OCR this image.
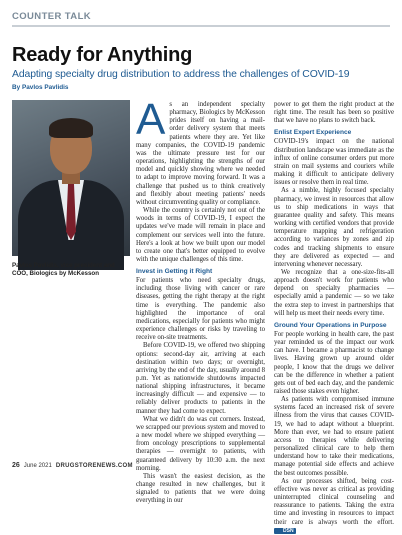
COUNTER TALK
Ready for Anything
Adapting specialty drug distribution to address the challenges of COVID-19
By Pavlos Pavlidis
Pavlos Pavlidis, vice president and COO, Biologics by McKesson

As an independent specialty pharmacy, Biologics by McKesson prides itself on having a mail-order delivery system that meets patients where they are. Yet like many companies, the COVID-19 pandemic was the ultimate pressure test for our operations, highlighting the strengths of our model and quickly showing where we needed to adapt to improve moving forward. It was a challenge that pushed us to think creatively and flexibly about meeting patients' needs without circumventing quality or compliance.

While the country is certainly not out of the woods in terms of COVID-19, I expect the updates we've made will remain in place and complement our services well into the future. Here's a look at how we built upon our model to create one that's better equipped to evolve with the unique challenges of this time.

Invest in Getting it Right

For patients who need specialty drugs, including those living with cancer or rare diseases, getting the right therapy at the right time is everything. The pandemic also highlighted the importance of oral medications, especially for patients who might experience challenges or risks by traveling to receive on-site treatments.

Before COVID-19, we offered two shipping options: second-day air, arriving at each destination within two days; or overnight, arriving by the end of the day, usually around 8 p.m. Yet as nationwide shutdowns impacted national shipping infrastructures, it became increasingly difficult — and expensive — to reliably deliver products to patients in the manner they had come to expect.

What we didn't do was cut corners. Instead, we scrapped our previous system and moved to a new model where we shipped everything — from oncology prescriptions to supplemental therapies — overnight to patients, with guaranteed delivery by 10:30 a.m. the next morning.

This wasn't the easiest decision, as the change resulted in new challenges, but it signaled to patients that we were doing everything in our

power to get them the right product at the right time. The result has been so positive that we have no plans to switch back.

Enlist Expert Experience

COVID-19's impact on the national distribution landscape was immediate as the influx of online consumer orders put more strain on mail systems and couriers while making it difficult to anticipate delivery issues or resolve them in real time.

As a nimble, highly focused specialty pharmacy, we invest in resources that allow us to ship medications in ways that guarantee quality and safety. This means working with certified vendors that provide temperature mapping and refrigeration according to variances by zones and zip codes and tracking shipments to ensure they are delivered as expected — and intervening whenever necessary.

We recognize that a one-size-fits-all approach doesn't work for patients who depend on specialty pharmacies — especially amid a pandemic — so we take the extra step to invest in partnerships that will help us meet their needs every time.

Ground Your Operations in Purpose

For people working in health care, the past year reminded us of the impact our work can have. I became a pharmacist to change lives. Having grown up around older people, I know that the drugs we deliver can be the difference in whether a patient gets out of bed each day, and the pandemic raised those stakes even higher.

As patients with compromised immune systems faced an increased risk of severe illness from the virus that causes COVID-19, we had to adapt without a blueprint. More than ever, we had to ensure patient access to therapies while delivering personalized clinical care to help them understand how to take their medications, manage potential side effects and achieve the best outcomes possible.

As our processes shifted, being cost-effective was never as critical as providing uninterrupted clinical counseling and reassurance to patients. Taking the extra time and investing in resources to impact their care is always worth the effort. DSN

26 June 2021 DRUGSTORENEWS.COM
